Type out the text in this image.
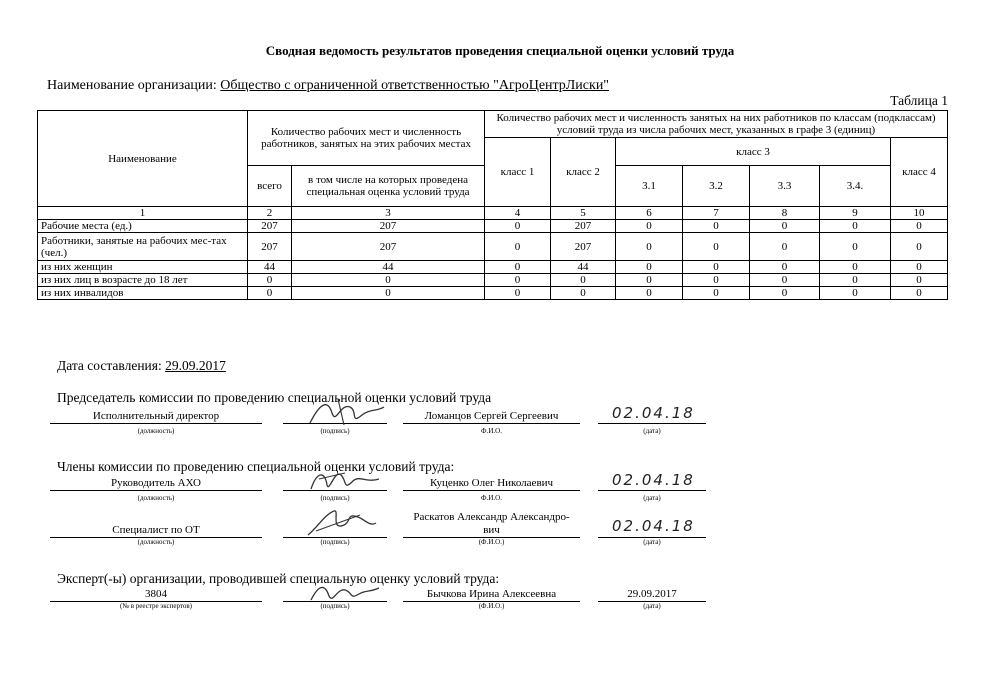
Сводная ведомость результатов проведения специальной оценки условий труда
Наименование организации: Общество с ограниченной ответственностью "АгроЦентрЛиски"
Таблица 1
Наименование	Количество рабочих мест и численность работников, занятых на этих рабочих местах		Количество рабочих мест и численность занятых на них работников по классам (подклассам) условий труда из числа рабочих мест, указанных в графе 3 (единиц)						
			класс 1	класс 2	класс 3				класс 4
	всего	в том числе на которых проведена специальная оценка условий труда			3.1	3.2	3.3	3.4.	
1	2	3	4	5	6	7	8	9	10
Рабочие места (ед.)	207	207	0	207	0	0	0	0	0
Работники, занятые на рабочих мес-тах (чел.)	207	207	0	207	0	0	0	0	0
из них женщин	44	44	0	44	0	0	0	0	0
из них лиц в возрасте до 18 лет	0	0	0	0	0	0	0	0	0
из них инвалидов	0	0	0	0	0	0	0	0	0
Дата составления: 29.09.2017
Председатель комиссии по проведению специальной оценки условий труда
Исполнительный директор
(должность)	(подпись)
Ломанцов Сергей Сергеевич
Ф.И.О.
02.04.18
(дата)
Члены комиссии по проведению специальной оценки условий труда:
Руководитель АХО
(должность)	(подпись)
Куценко Олег Николаевич
Ф.И.О.
02.04.18
(дата)
Специалист по ОТ
(должность)	(подпись)
Раскатов Александр Александро-
вич
(Ф.И.О.)
02.04.18
(дата)
Эксперт(-ы) организации, проводившей специальную оценку условий труда:
3804
(№ в реестре экспертов)	(подпись)
Бычкова Ирина Алексеевна
(Ф.И.О.)
29.09.2017
(дата)
